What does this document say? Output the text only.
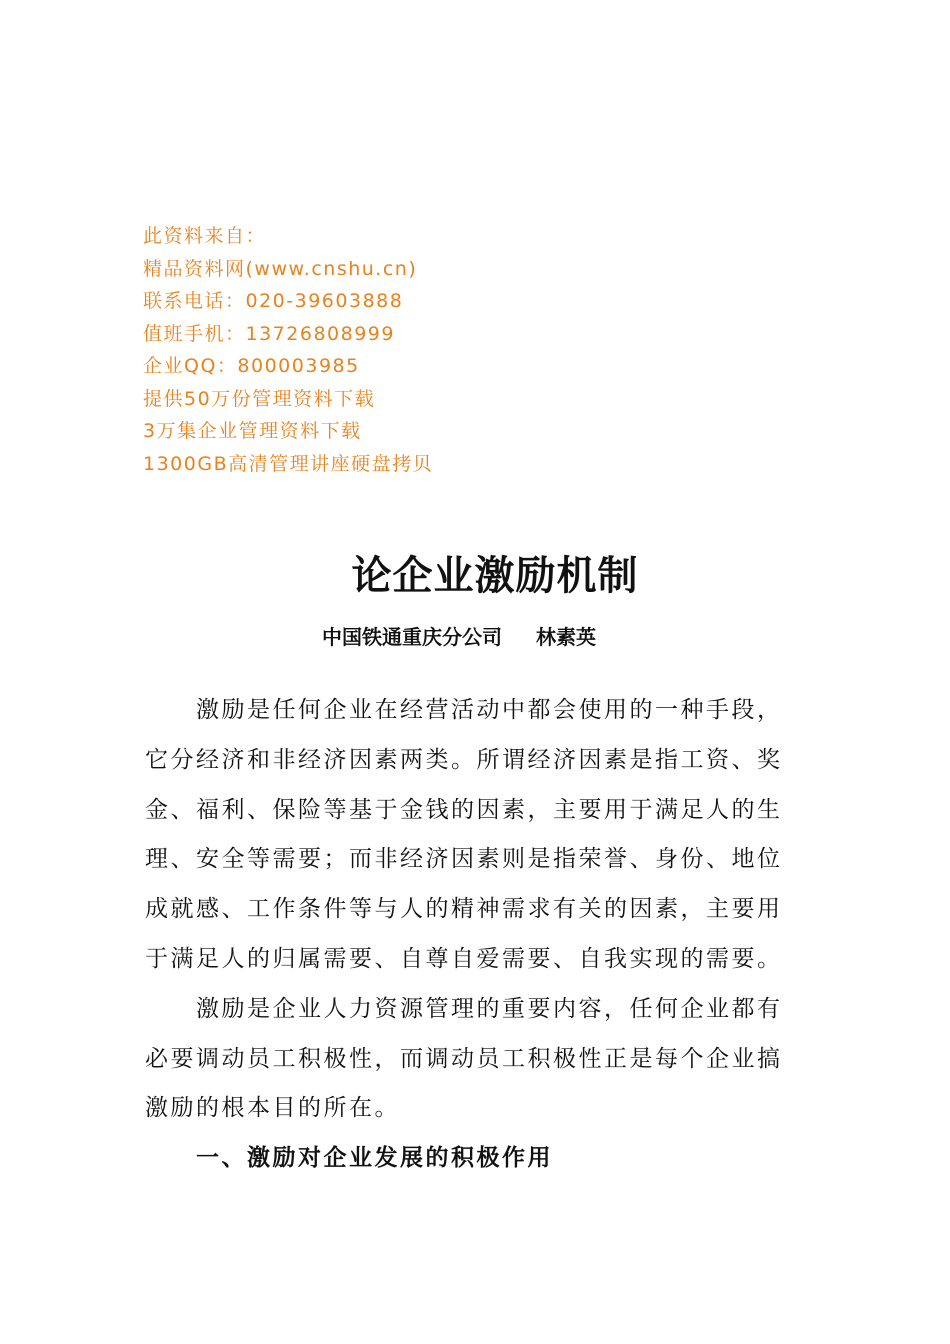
此资料来自：
精品资料网(www.cnshu.cn)
联系电话：020-39603888
值班手机：13726808999
企业QQ：800003985
提供50万份管理资料下载
3万集企业管理资料下载
1300GB高清管理讲座硬盘拷贝
论企业激励机制
中国铁通重庆分公司 林素英

激励是任何企业在经营活动中都会使用的一种手段，
它分经济和非经济因素两类。所谓经济因素是指工资、奖
金、福利、保险等基于金钱的因素，主要用于满足人的生
理、安全等需要；而非经济因素则是指荣誉、身份、地位
成就感、工作条件等与人的精神需求有关的因素，主要用
于满足人的归属需要、自尊自爱需要、自我实现的需要。

激励是企业人力资源管理的重要内容，任何企业都有
必要调动员工积极性，而调动员工积极性正是每个企业搞
激励的根本目的所在。

一、激励对企业发展的积极作用
